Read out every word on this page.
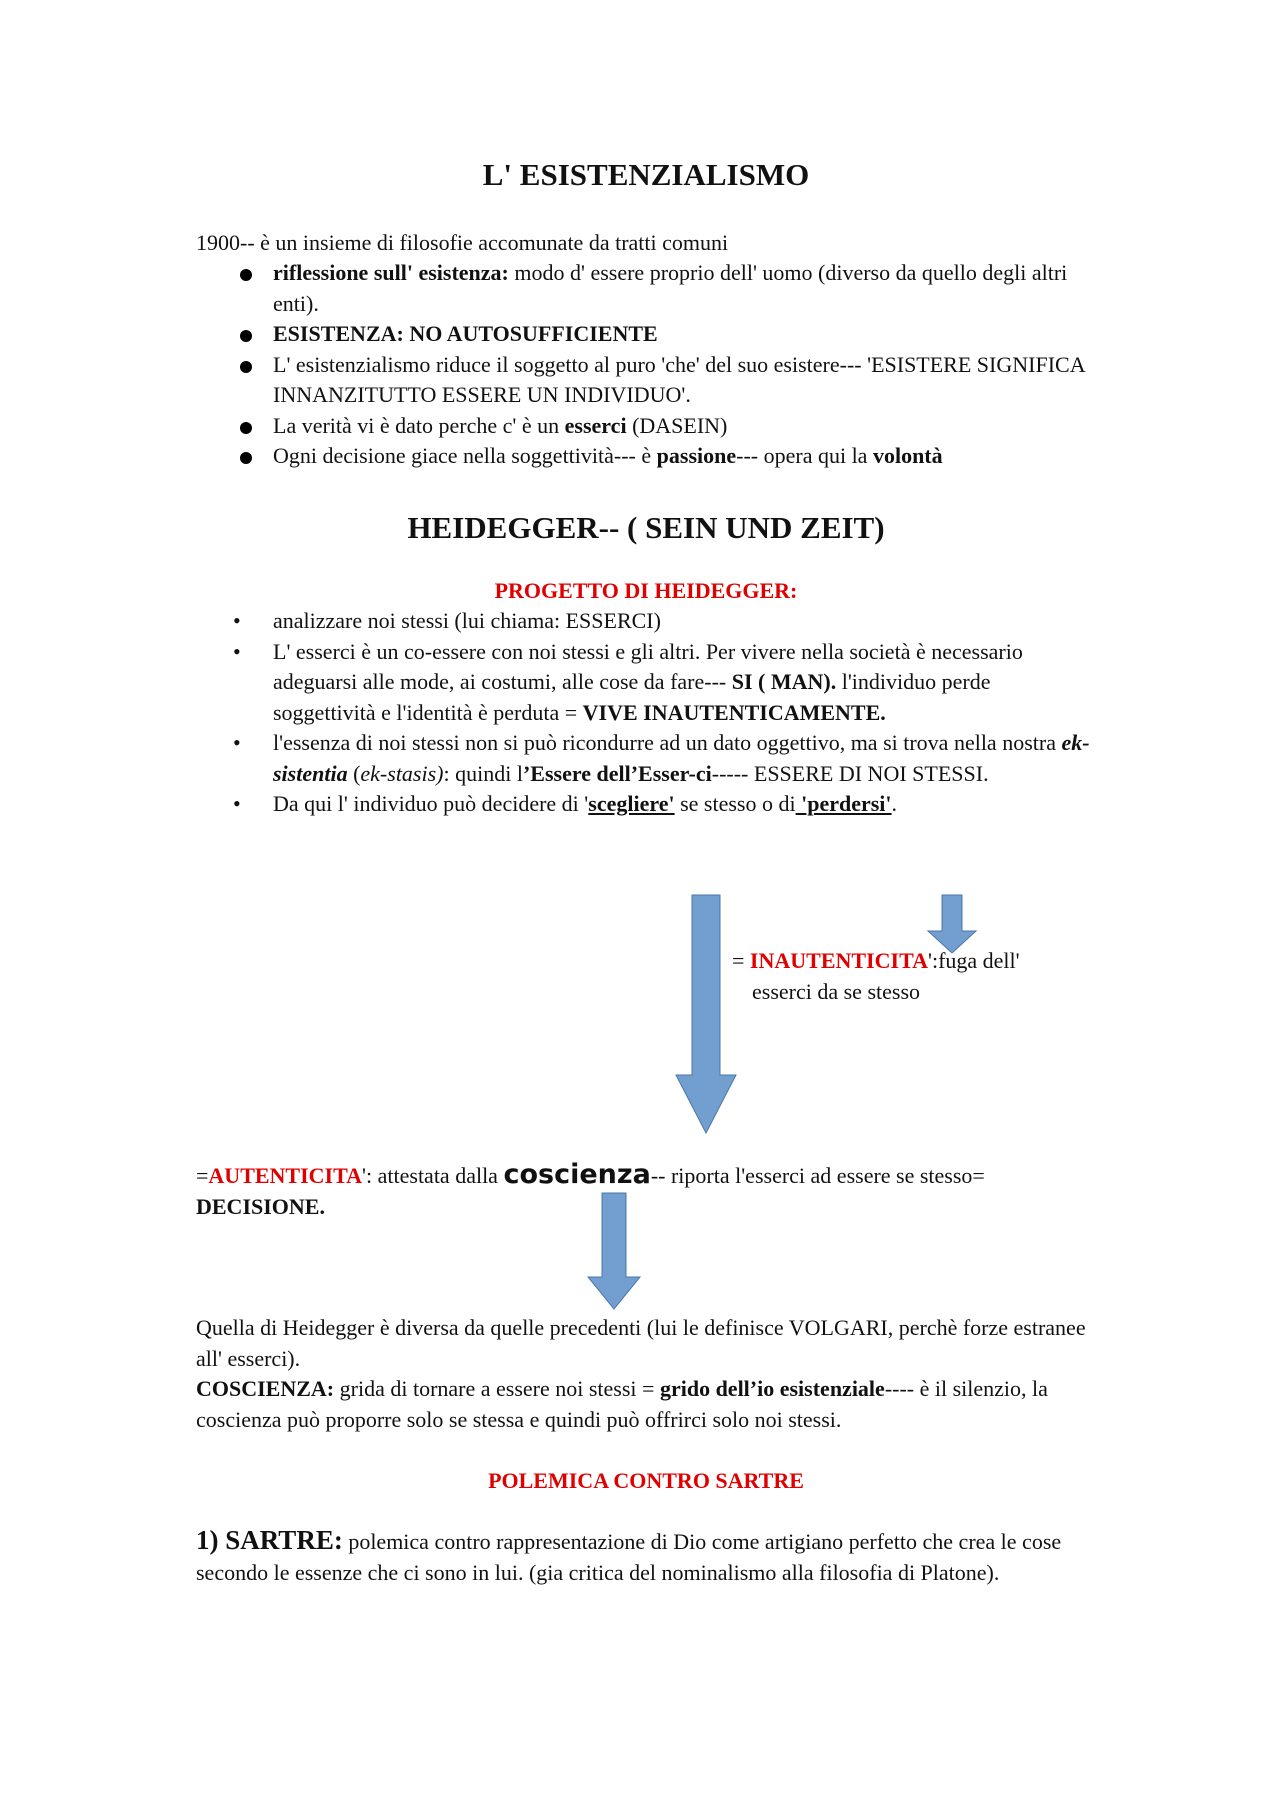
L' ESISTENZIALISMO

1900-- è un insieme di filosofie accomunate da tratti comuni

riflessione sull' esistenza: modo d' essere proprio dell' uomo (diverso da quello degli altri enti).
ESISTENZA: NO AUTOSUFFICIENTE
L' esistenzialismo riduce il soggetto al puro 'che' del suo esistere--- 'ESISTERE SIGNIFICA INNANZITUTTO ESSERE UN INDIVIDUO'.
La verità vi è dato perche c' è un esserci (DASEIN)
Ogni decisione giace nella soggettività--- è passione--- opera qui la volontà
HEIDEGGER-- ( SEIN UND ZEIT)

PROGETTO DI HEIDEGGER:

• analizzare noi stessi (lui chiama: ESSERCI)
• L' esserci è un co-essere con noi stessi e gli altri. Per vivere nella società è necessario adeguarsi alle mode, ai costumi, alle cose da fare--- SI ( MAN). l'individuo perde soggettività e l'identità è perduta = VIVE INAUTENTICAMENTE.
• l'essenza di noi stessi non si può ricondurre ad un dato oggettivo, ma si trova nella nostra ek-sistentia (ek-stasis): quindi l’Essere dell’Esser-ci----- ESSERE DI NOI STESSI.
• Da qui l' individuo può decidere di 'scegliere' se stesso o di 'perdersi'.

= INAUTENTICITA':fuga dell'
esserci da se stesso

=AUTENTICITA': attestata dalla coscienza-- riporta l'esserci ad essere se stesso=
DECISIONE.

Quella di Heidegger è diversa da quelle precedenti (lui le definisce VOLGARI, perchè forze estranee all' esserci).

COSCIENZA: grida di tornare a essere noi stessi = grido dell’io esistenziale---- è il silenzio, la coscienza può proporre solo se stessa e quindi può offrirci solo noi stessi.

POLEMICA CONTRO SARTRE

1) SARTRE: polemica contro rappresentazione di Dio come artigiano perfetto che crea le cose secondo le essenze che ci sono in lui. (gia critica del nominalismo alla filosofia di Platone).
